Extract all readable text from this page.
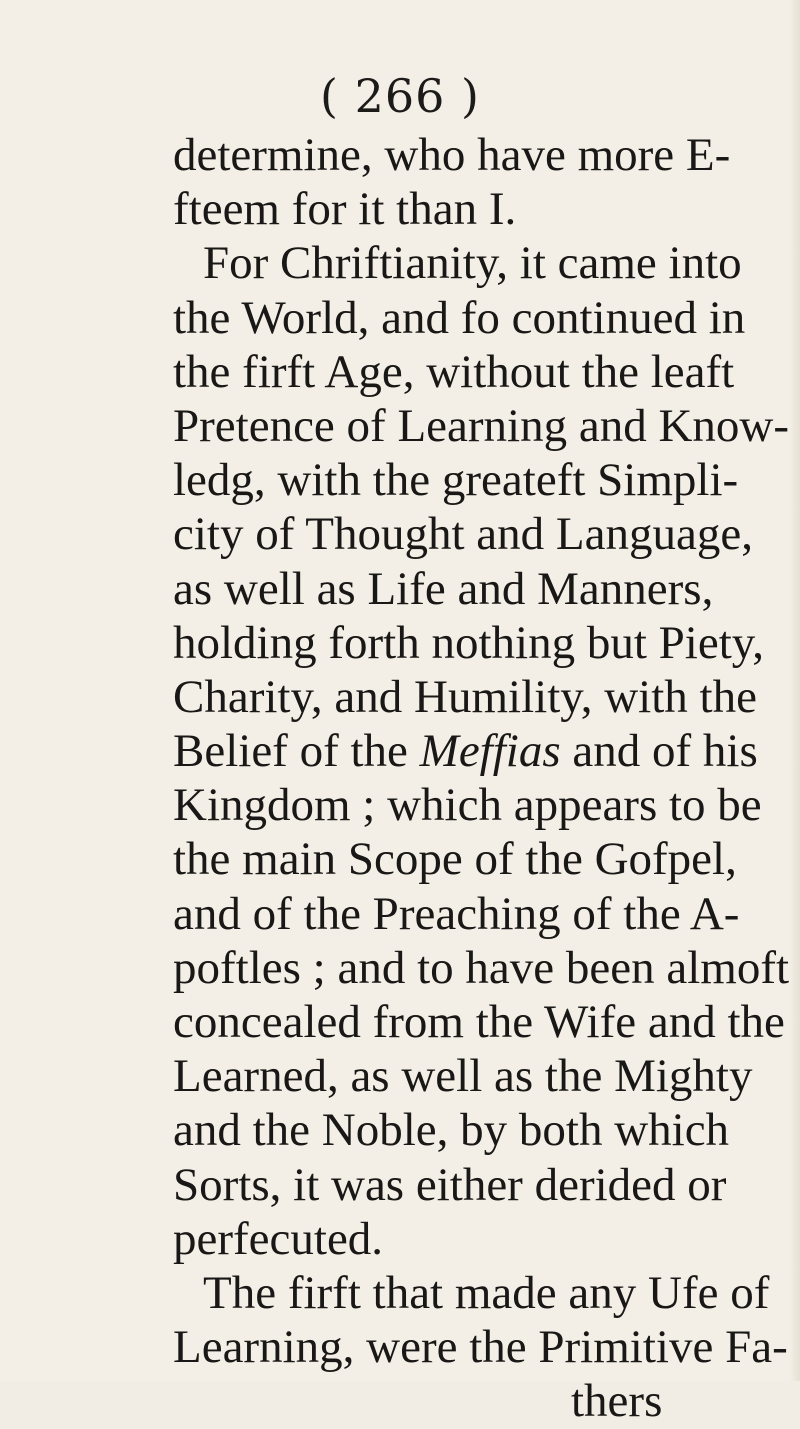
( 266 )
determine, who have more E-
fteem for it than I.
For Chriftianity, it came into
the World, and fo continued in
the firft Age, without the leaft
Pretence of Learning and Know-
ledg, with the greateft Simpli-
city of Thought and Language,
as well as Life and Manners,
holding forth nothing but Piety,
Charity, and Humility, with the
Belief of the Meffias and of his
Kingdom ; which appears to be
the main Scope of the Gofpel,
and of the Preaching of the A-
poftles ; and to have been almoft
concealed from the Wife and the
Learned, as well as the Mighty
and the Noble, by both which
Sorts, it was either derided or
perfecuted.
The firft that made any Ufe of
Learning, were the Primitive Fa-
thers
